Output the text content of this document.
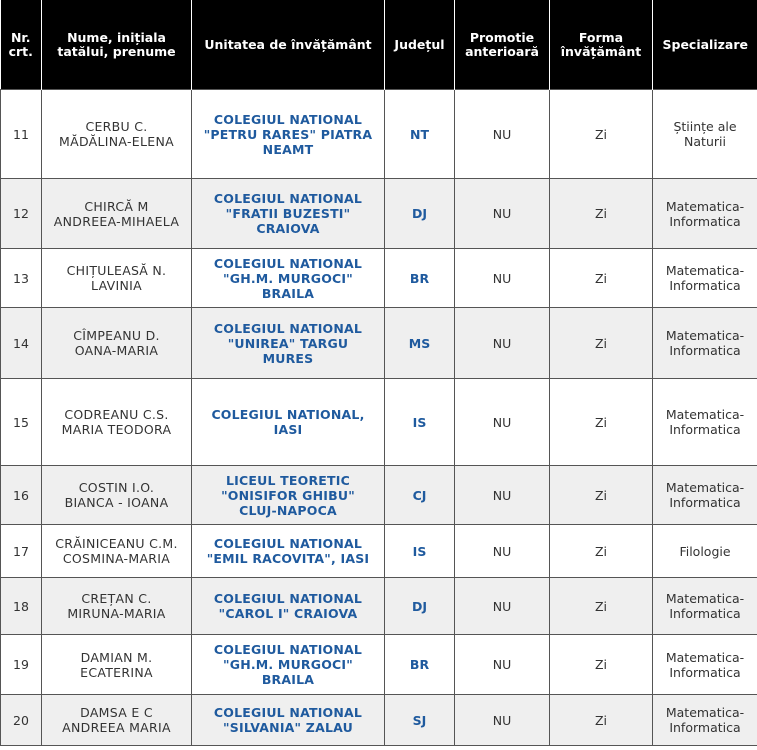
Nr.
crt.	Nume, inițiala
tatălui, prenume	Unitatea de învățământ	Județul	Promotie
anterioară	Forma
învățământ	Specializare
11	CERBU C.
MĂDĂLINA-ELENA	COLEGIUL NATIONAL
"PETRU RARES" PIATRA
NEAMT	NT	NU	Zi	Științe ale
Naturii
12	CHIRCĂ M
ANDREEA-MIHAELA	COLEGIUL NATIONAL
"FRATII BUZESTI"
CRAIOVA	DJ	NU	Zi	Matematica-
Informatica
13	CHIȚULEASĂ N.
LAVINIA	COLEGIUL NATIONAL
"GH.M. MURGOCI"
BRAILA	BR	NU	Zi	Matematica-
Informatica
14	CÎMPEANU D.
OANA-MARIA	COLEGIUL NATIONAL
"UNIREA" TARGU
MURES	MS	NU	Zi	Matematica-
Informatica
15	CODREANU C.S.
MARIA TEODORA	COLEGIUL NATIONAL,
IASI	IS	NU	Zi	Matematica-
Informatica
16	COSTIN I.O.
BIANCA - IOANA	LICEUL TEORETIC
"ONISIFOR GHIBU"
CLUJ-NAPOCA	CJ	NU	Zi	Matematica-
Informatica
17	CRĂINICEANU C.M.
COSMINA-MARIA	COLEGIUL NATIONAL
"EMIL RACOVITA", IASI	IS	NU	Zi	Filologie
18	CREȚAN C.
MIRUNA-MARIA	COLEGIUL NATIONAL
"CAROL I" CRAIOVA	DJ	NU	Zi	Matematica-
Informatica
19	DAMIAN M.
ECATERINA	COLEGIUL NATIONAL
"GH.M. MURGOCI"
BRAILA	BR	NU	Zi	Matematica-
Informatica
20	DAMSA E C
ANDREEA MARIA	COLEGIUL NATIONAL
"SILVANIA" ZALAU	SJ	NU	Zi	Matematica-
Informatica
